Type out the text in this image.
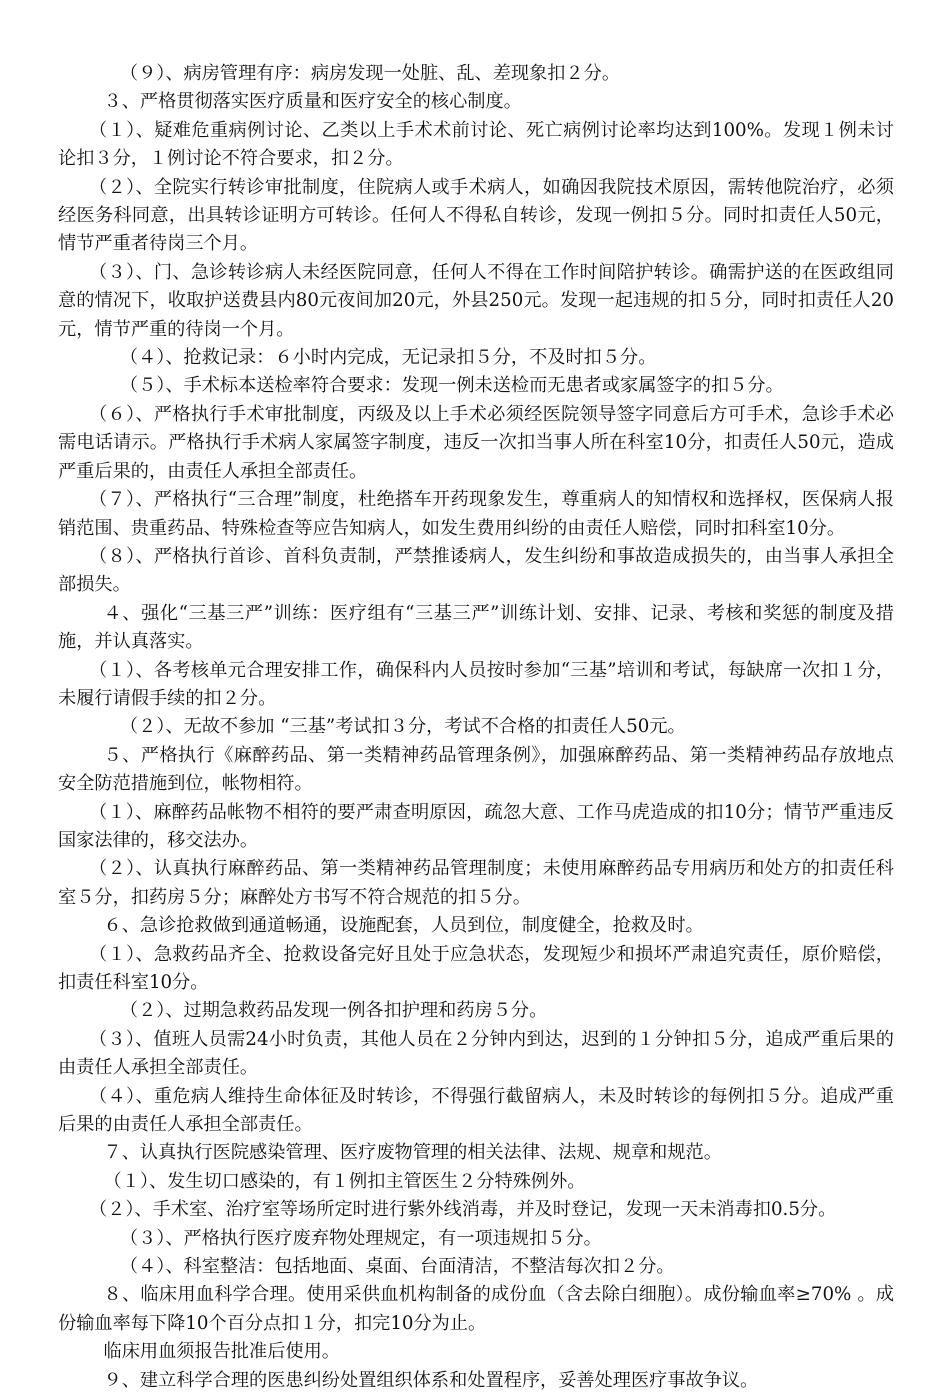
（９）、病房管理有序：病房发现一处脏、乱、差现象扣２分。

３、严格贯彻落实医疗质量和医疗安全的核心制度。

（１）、疑难危重病例讨论、乙类以上手术术前讨论、死亡病例讨论率均达到100%。发现１例未讨论扣３分，１例讨论不符合要求，扣２分。

（２）、全院实行转诊审批制度，住院病人或手术病人，如确因我院技术原因，需转他院治疗，必须经医务科同意，出具转诊证明方可转诊。任何人不得私自转诊，发现一例扣５分。同时扣责任人50元，情节严重者待岗三个月。

（３）、门、急诊转诊病人未经医院同意，任何人不得在工作时间陪护转诊。确需护送的在医政组同意的情况下，收取护送费县内80元夜间加20元，外县250元。发现一起违规的扣５分，同时扣责任人20元，情节严重的待岗一个月。

（４）、抢救记录：６小时内完成，无记录扣５分，不及时扣５分。

（５）、手术标本送检率符合要求：发现一例未送检而无患者或家属签字的扣５分。

（６）、严格执行手术审批制度，丙级及以上手术必须经医院领导签字同意后方可手术，急诊手术必需电话请示。严格执行手术病人家属签字制度，违反一次扣当事人所在科室10分，扣责任人50元，造成严重后果的，由责任人承担全部责任。

（７）、严格执行“三合理”制度，杜绝搭车开药现象发生，尊重病人的知情权和选择权，医保病人报销范围、贵重药品、特殊检查等应告知病人，如发生费用纠纷的由责任人赔偿，同时扣科室10分。

（８）、严格执行首诊、首科负责制，严禁推诿病人，发生纠纷和事故造成损失的，由当事人承担全部损失。

４、强化“三基三严”训练：医疗组有“三基三严”训练计划、安排、记录、考核和奖惩的制度及措施，并认真落实。

（１）、各考核单元合理安排工作，确保科内人员按时参加“三基”培训和考试，每缺席一次扣１分，未履行请假手续的扣２分。

（２）、无故不参加 “三基”考试扣３分，考试不合格的扣责任人50元。

５、严格执行《麻醉药品、第一类精神药品管理条例》，加强麻醉药品、第一类精神药品存放地点安全防范措施到位，帐物相符。

（１）、麻醉药品帐物不相符的要严肃查明原因，疏忽大意、工作马虎造成的扣10分；情节严重违反国家法律的，移交法办。

（２）、认真执行麻醉药品、第一类精神药品管理制度；未使用麻醉药品专用病历和处方的扣责任科室５分，扣药房５分；麻醉处方书写不符合规范的扣５分。

６、急诊抢救做到通道畅通，设施配套，人员到位，制度健全，抢救及时。

（１）、急救药品齐全、抢救设备完好且处于应急状态，发现短少和损坏严肃追究责任，原价赔偿，扣责任科室10分。

（２）、过期急救药品发现一例各扣护理和药房５分。

（３）、值班人员需24小时负责，其他人员在２分钟内到达，迟到的１分钟扣５分，追成严重后果的由责任人承担全部责任。

（４）、重危病人维持生命体征及时转诊，不得强行截留病人，未及时转诊的每例扣５分。追成严重后果的由责任人承担全部责任。

７、认真执行医院感染管理、医疗废物管理的相关法律、法规、规章和规范。

（１）、发生切口感染的，有１例扣主管医生２分特殊例外。

（２）、手术室、治疗室等场所定时进行紫外线消毒，并及时登记，发现一天未消毒扣0.5分。

（３）、严格执行医疗废弃物处理规定，有一项违规扣５分。

（４）、科室整洁：包括地面、桌面、台面清洁，不整洁每次扣２分。

８、临床用血科学合理。使用采供血机构制备的成份血（含去除白细胞）。成份输血率≥70% 。成份输血率每下降10个百分点扣１分，扣完10分为止。

临床用血须报告批准后使用。

９、建立科学合理的医患纠纷处置组织体系和处置程序，妥善处理医疗事故争议。
